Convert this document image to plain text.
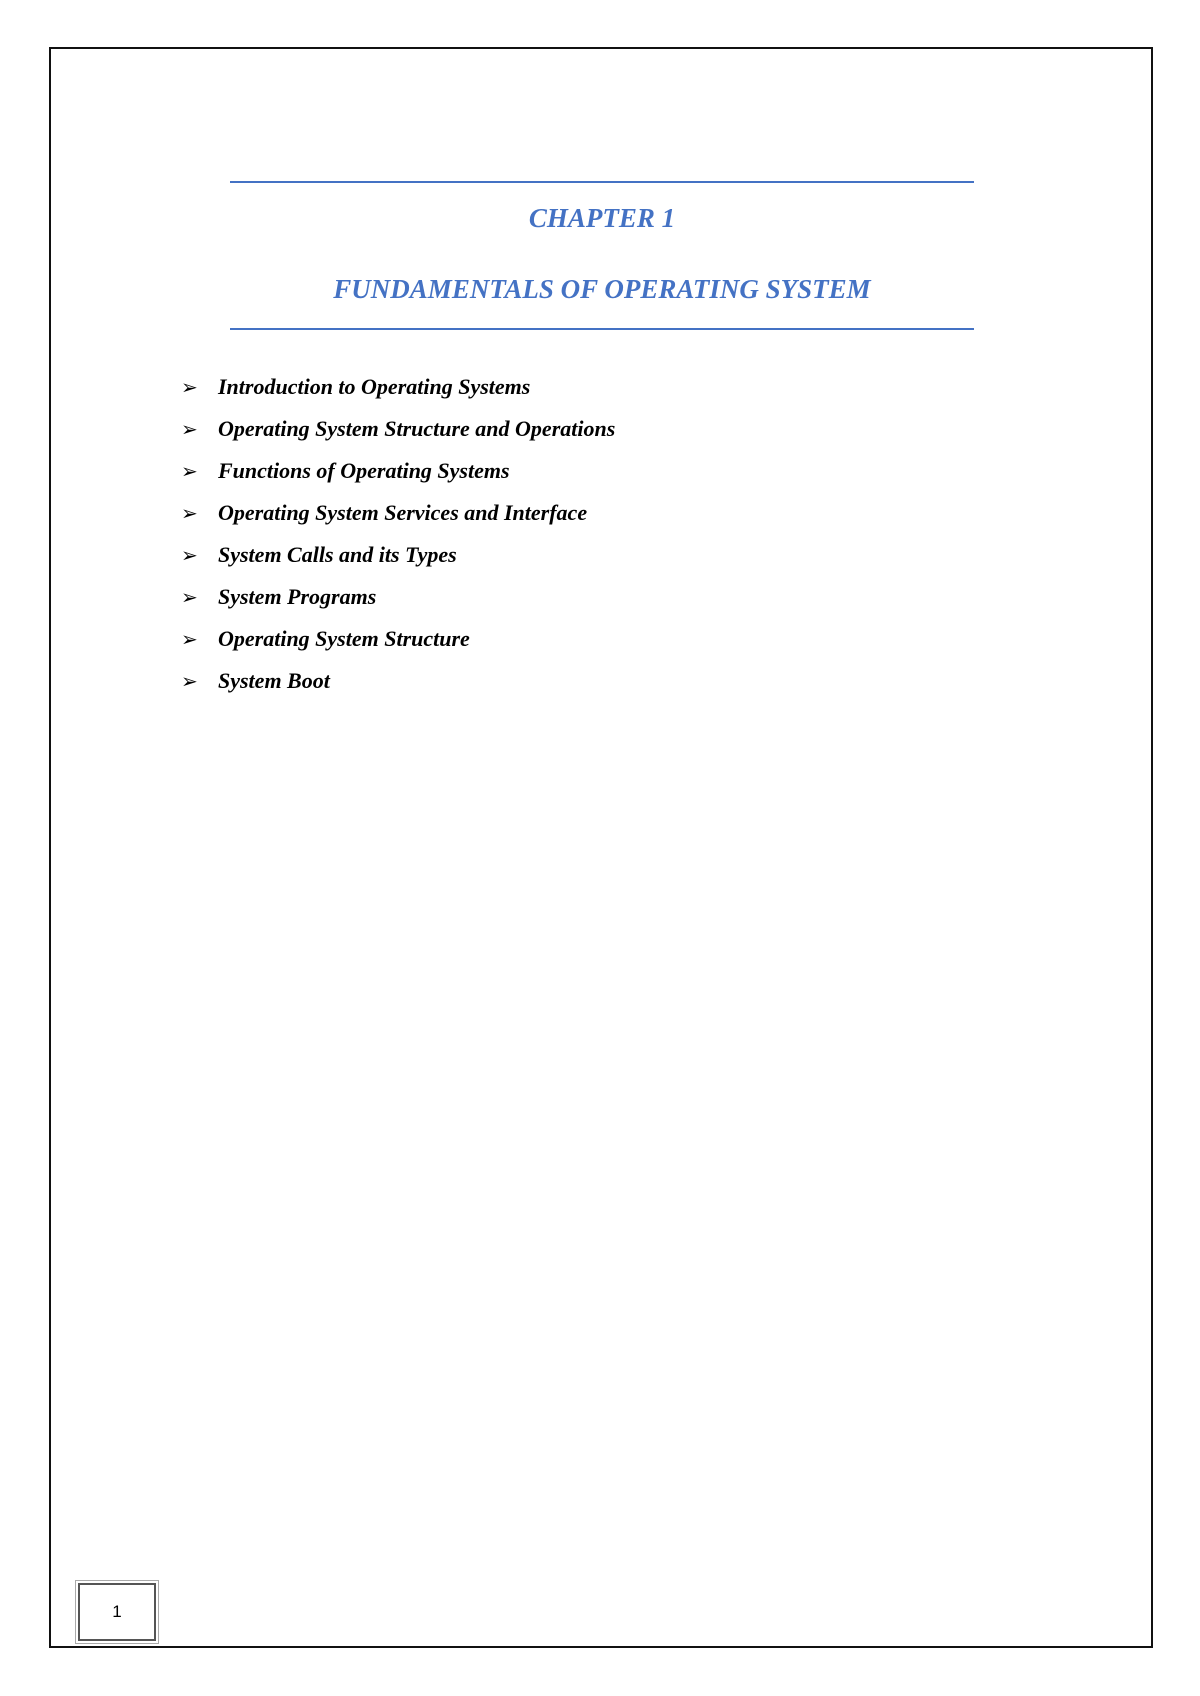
CHAPTER 1
FUNDAMENTALS OF OPERATING SYSTEM
➢ Introduction to Operating Systems
➢ Operating System Structure and Operations
➢ Functions of Operating Systems
➢ Operating System Services and Interface
➢ System Calls and its Types
➢ System Programs
➢ Operating System Structure
➢ System Boot
1
